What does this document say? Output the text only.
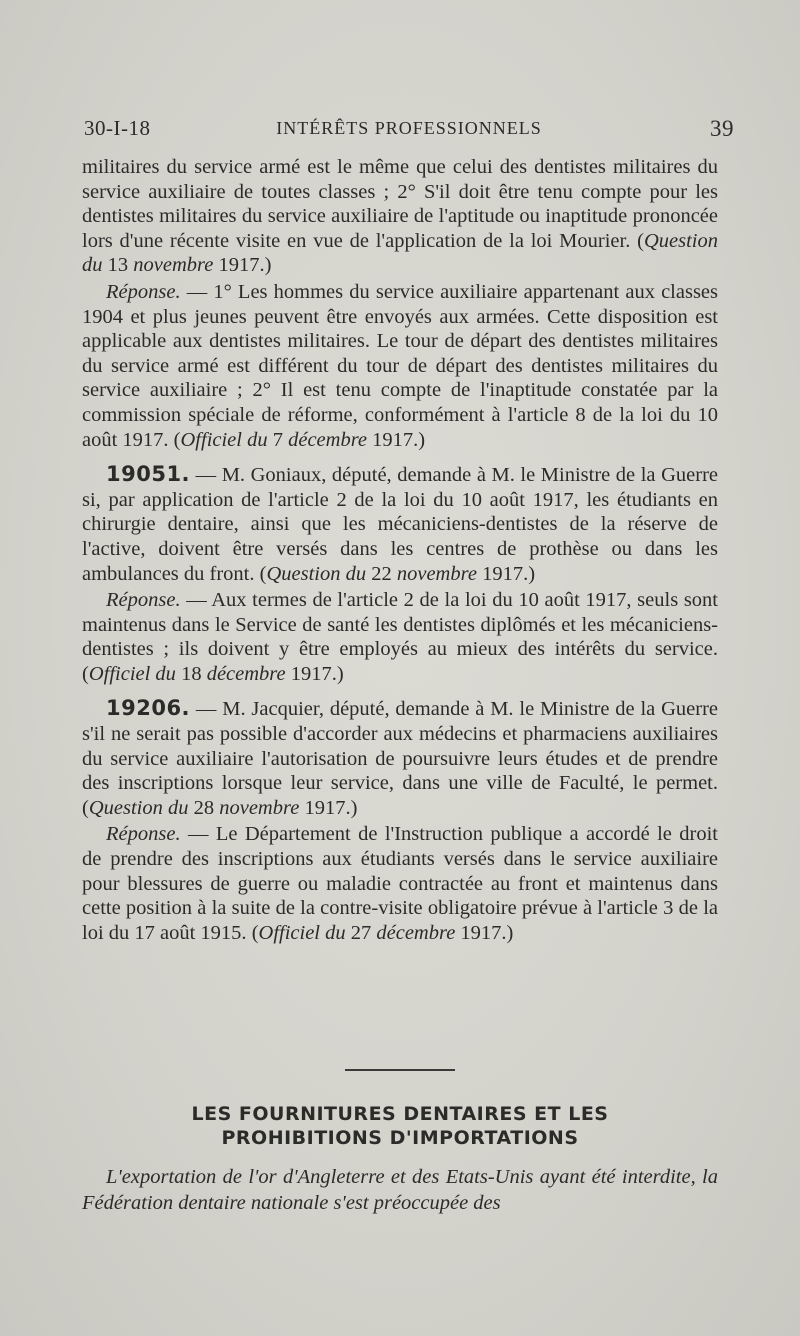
30-I-18	INTÉRÊTS PROFESSIONNELS	39

militaires du service armé est le même que celui des dentistes militaires du service auxiliaire de toutes classes ; 2° S'il doit être tenu compte pour les dentistes militaires du service auxiliaire de l'aptitude ou inaptitude prononcée lors d'une récente visite en vue de l'application de la loi Mourier. (Question du 13 novembre 1917.)

Réponse. — 1° Les hommes du service auxiliaire appartenant aux classes 1904 et plus jeunes peuvent être envoyés aux armées. Cette disposition est applicable aux dentistes militaires. Le tour de départ des dentistes militaires du service armé est différent du tour de départ des dentistes militaires du service auxiliaire ; 2° Il est tenu compte de l'inaptitude constatée par la commission spéciale de réforme, conformément à l'article 8 de la loi du 10 août 1917. (Officiel du 7 décembre 1917.)

19051. — M. Goniaux, député, demande à M. le Ministre de la Guerre si, par application de l'article 2 de la loi du 10 août 1917, les étudiants en chirurgie dentaire, ainsi que les mécaniciens-dentistes de la réserve de l'active, doivent être versés dans les centres de prothèse ou dans les ambulances du front. (Question du 22 novembre 1917.)

Réponse. — Aux termes de l'article 2 de la loi du 10 août 1917, seuls sont maintenus dans le Service de santé les dentistes diplômés et les mécaniciens-dentistes ; ils doivent y être employés au mieux des intérêts du service. (Officiel du 18 décembre 1917.)

19206. — M. Jacquier, député, demande à M. le Ministre de la Guerre s'il ne serait pas possible d'accorder aux médecins et pharmaciens auxiliaires du service auxiliaire l'autorisation de poursuivre leurs études et de prendre des inscriptions lorsque leur service, dans une ville de Faculté, le permet. (Question du 28 novembre 1917.)

Réponse. — Le Département de l'Instruction publique a accordé le droit de prendre des inscriptions aux étudiants versés dans le service auxiliaire pour blessures de guerre ou maladie contractée au front et maintenus dans cette position à la suite de la contre-visite obligatoire prévue à l'article 3 de la loi du 17 août 1915. (Officiel du 27 décembre 1917.)

LES FOURNITURES DENTAIRES ET LES
PROHIBITIONS D'IMPORTATIONS

L'exportation de l'or d'Angleterre et des Etats-Unis ayant été interdite, la Fédération dentaire nationale s'est préoccupée des
